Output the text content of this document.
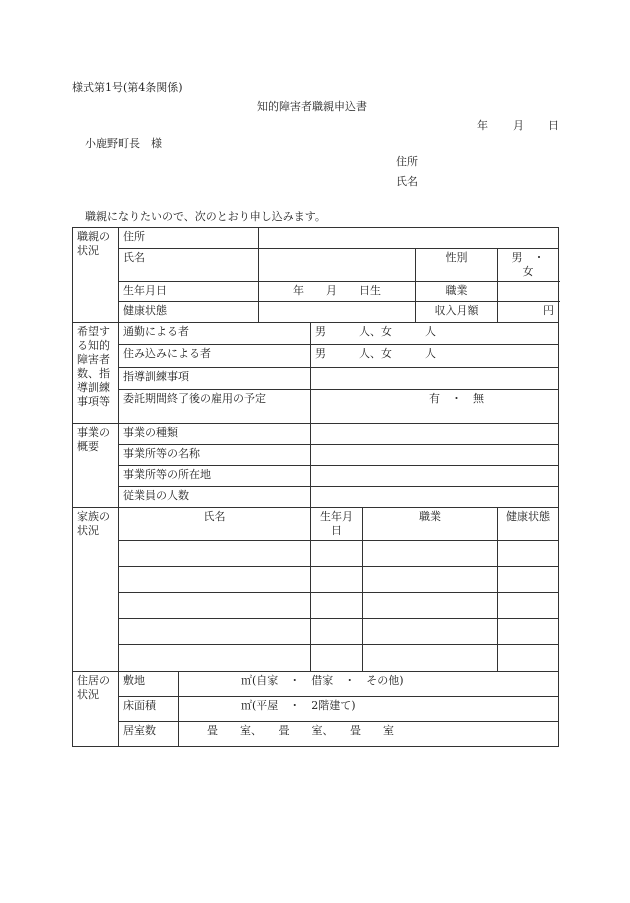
様式第1号(第4条関係)
知的障害者職親申込書
年 月 日
小鹿野町長　様
住所
氏名
職親になりたいので、次のとおり申し込みます。
職親の状況	住所							
	氏名					性別	男　・　女	
	生年月日		年　　月　　日生			職業		
	健康状態					収入月額	円	
希望する知的障害者数、指導訓練事項等	通勤による者			男　　　人、女　　　人				
	住み込みによる者			男　　　人、女　　　人				
	指導訓練事項							
	委託期間終了後の雇用の予定			有　・　無				
事業の概要	事業の種類							
	事業所等の名称							
	事業所等の所在地							
	従業員の人数							
家族の状況	氏名			生年月日	職業		健康状態	

住居の状況	敷地	㎡(自家　・　借家　・　その他)						
	床面積	㎡(平屋　・　2階建て)						
	居室数	畳　　室、　　畳　　室、　　畳　　室						
